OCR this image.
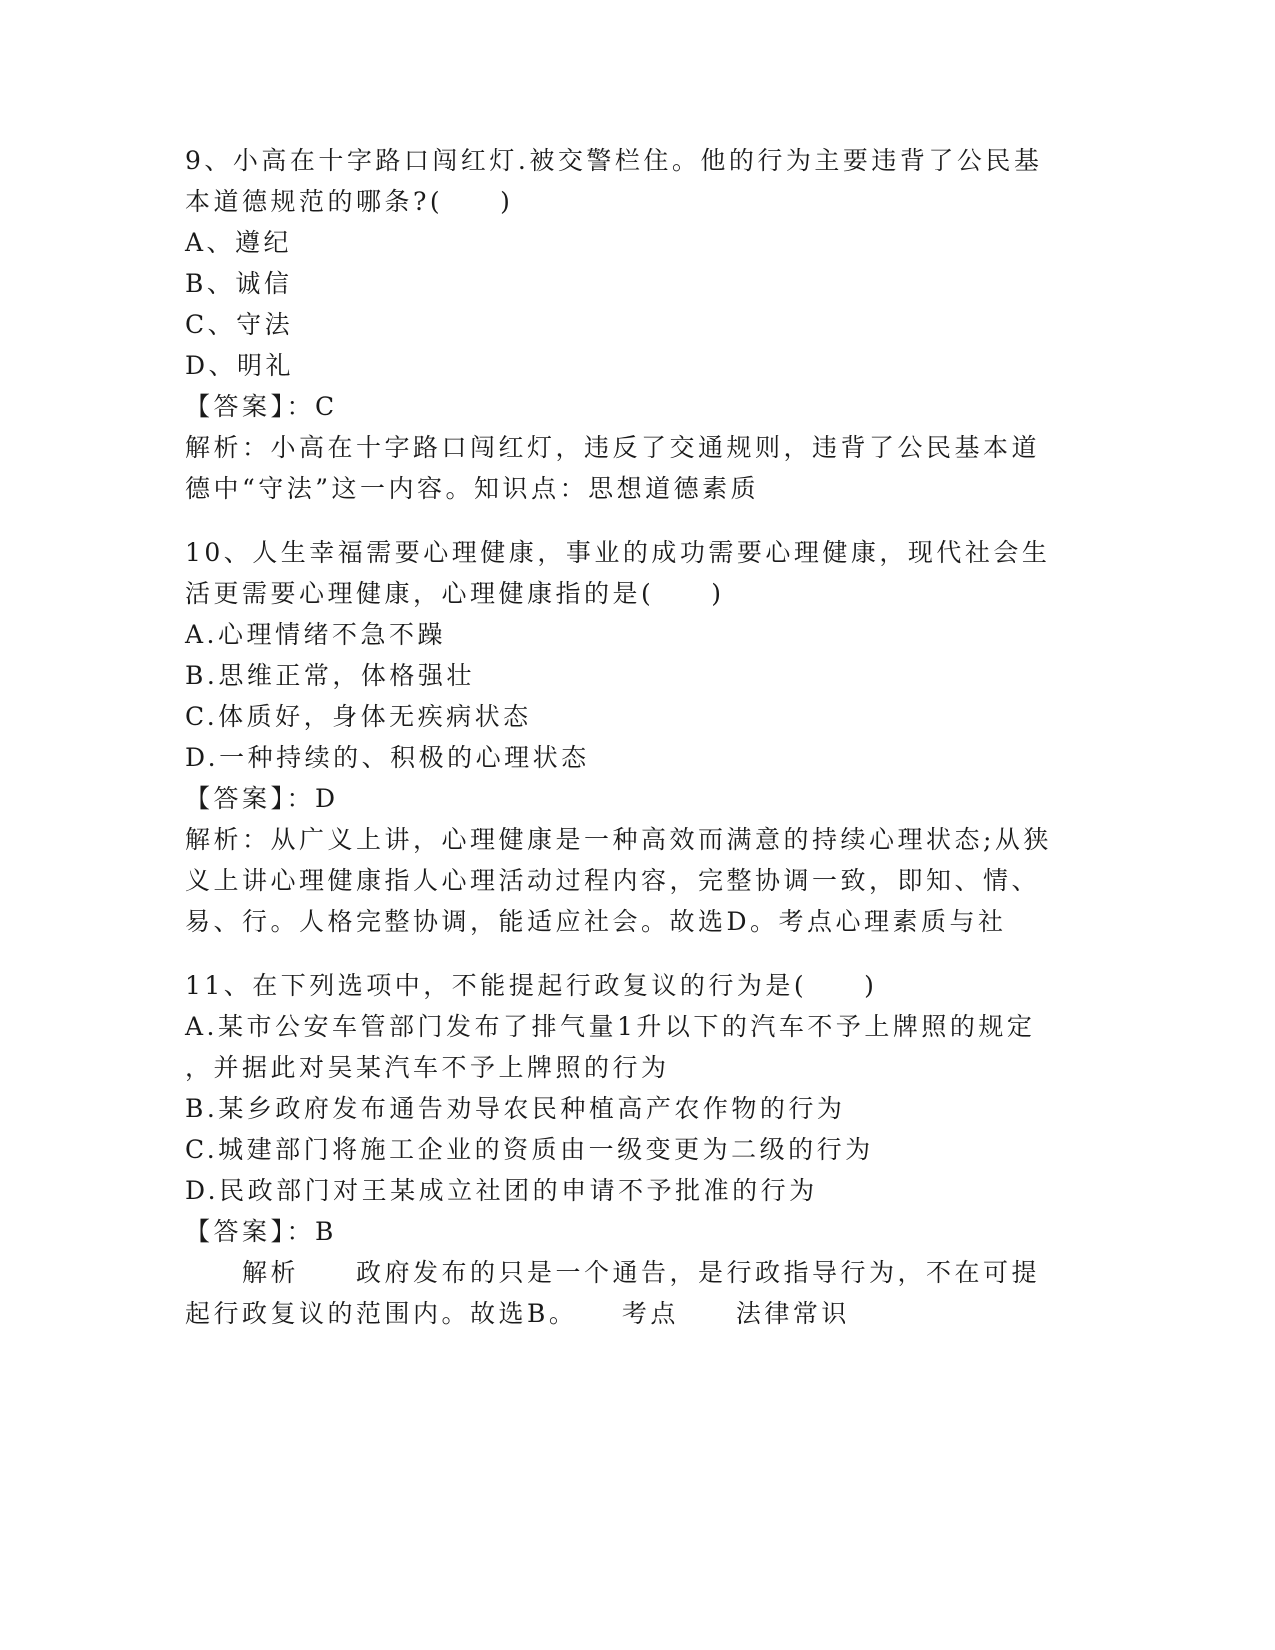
9、小高在十字路口闯红灯.被交警栏住。他的行为主要违背了公民基
本道德规范的哪条?(　　)
A、遵纪
B、诚信
C、守法
D、明礼
【答案】：C
解析：小高在十字路口闯红灯，违反了交通规则，违背了公民基本道
德中“守法”这一内容。知识点：思想道德素质
10、人生幸福需要心理健康，事业的成功需要心理健康，现代社会生
活更需要心理健康，心理健康指的是(　　)
A.心理情绪不急不躁
B.思维正常，体格强壮
C.体质好，身体无疾病状态
D.一种持续的、积极的心理状态
【答案】：D
解析：从广义上讲，心理健康是一种高效而满意的持续心理状态;从狭
义上讲心理健康指人心理活动过程内容，完整协调一致，即知、情、
易、行。人格完整协调，能适应社会。故选D。考点心理素质与社
11、在下列选项中，不能提起行政复议的行为是(　　)
A.某市公安车管部门发布了排气量1升以下的汽车不予上牌照的规定
，并据此对吴某汽车不予上牌照的行为
B.某乡政府发布通告劝导农民种植高产农作物的行为
C.城建部门将施工企业的资质由一级变更为二级的行为
D.民政部门对王某成立社团的申请不予批准的行为
【答案】：B
　　解析　　政府发布的只是一个通告，是行政指导行为，不在可提
起行政复议的范围内。故选B。　　考点　　法律常识
